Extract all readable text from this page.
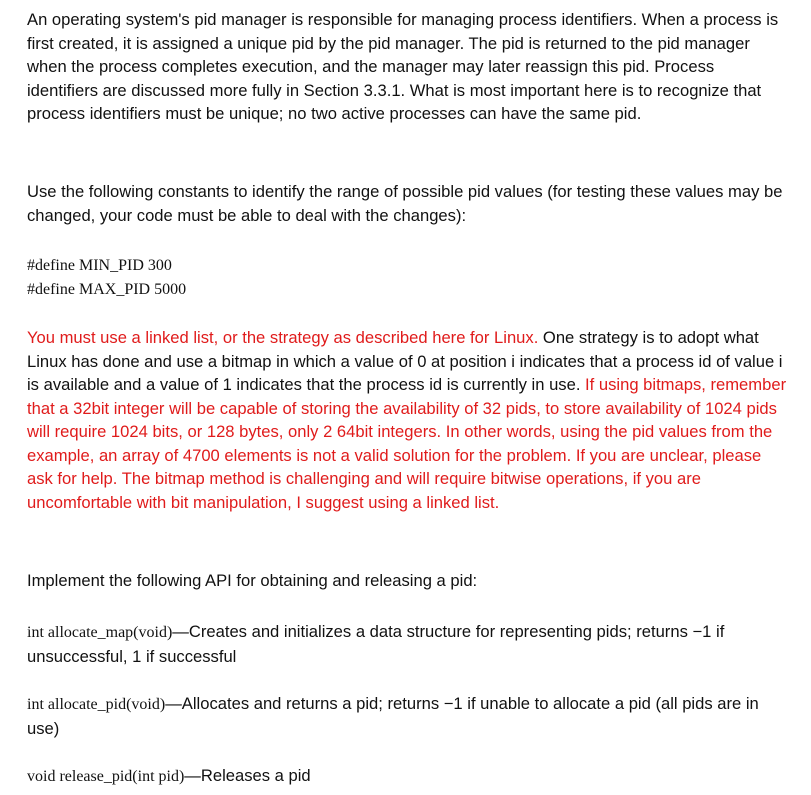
An operating system's pid manager is responsible for managing process identifiers. When a process is first created, it is assigned a unique pid by the pid manager. The pid is returned to the pid manager when the process completes execution, and the manager may later reassign this pid. Process identifiers are discussed more fully in Section 3.3.1. What is most important here is to recognize that process identifiers must be unique; no two active processes can have the same pid.

Use the following constants to identify the range of possible pid values (for testing these values may be changed, your code must be able to deal with the changes):

#define MIN_PID 300
#define MAX_PID 5000

You must use a linked list, or the strategy as described here for Linux. One strategy is to adopt what Linux has done and use a bitmap in which a value of 0 at position i indicates that a process id of value i is available and a value of 1 indicates that the process id is currently in use. If using bitmaps, remember that a 32bit integer will be capable of storing the availability of 32 pids, to store availability of 1024 pids will require 1024 bits, or 128 bytes, only 2 64bit integers. In other words, using the pid values from the example, an array of 4700 elements is not a valid solution for the problem. If you are unclear, please ask for help. The bitmap method is challenging and will require bitwise operations, if you are uncomfortable with bit manipulation, I suggest using a linked list.

Implement the following API for obtaining and releasing a pid:

int allocate_map(void)—Creates and initializes a data structure for representing pids; returns −1 if unsuccessful, 1 if successful

int allocate_pid(void)—Allocates and returns a pid; returns −1 if unable to allocate a pid (all pids are in use)

void release_pid(int pid)—Releases a pid
